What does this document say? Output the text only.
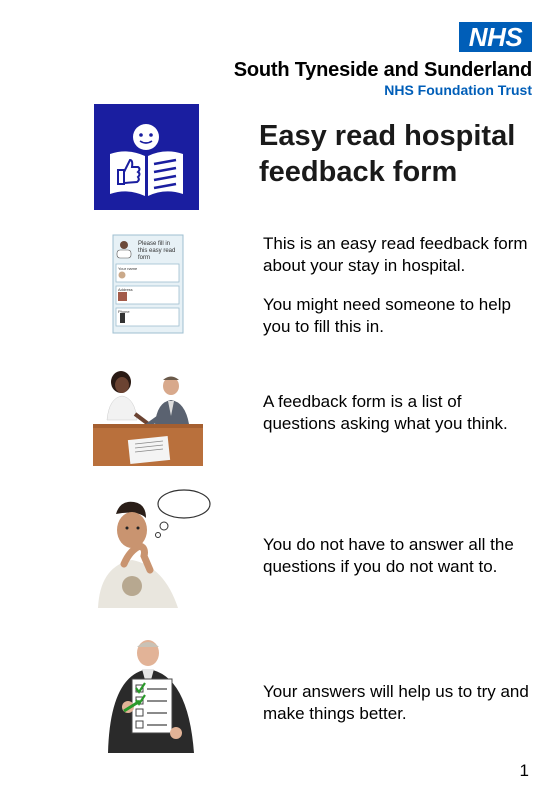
NHS
South Tyneside and Sunderland
NHS Foundation Trust
Easy read hospital feedback form
Please fill in
this easy read
form
Your name
Address
Phone
This is an easy read feedback form about your stay in hospital.
You might need someone to help you to fill this in.
A feedback form is a list of questions asking what you think.
You do not have to answer all the questions if you do not want to.
Your answers will help us to try and make things better.
1
